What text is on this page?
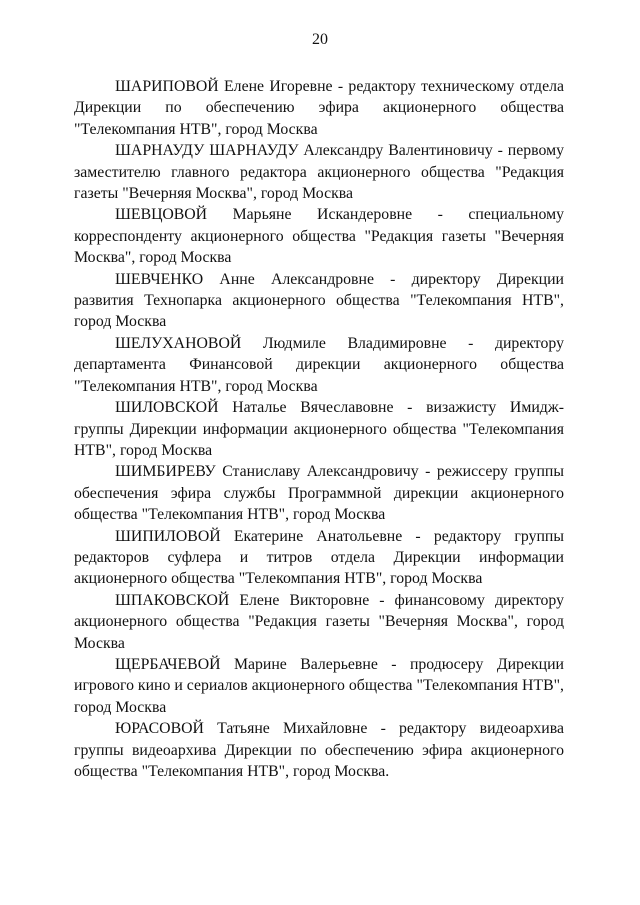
20

ШАРИПОВОЙ Елене Игоревне - редактору техническому отдела Дирекции по обеспечению эфира акционерного общества "Телекомпания НТВ", город Москва

ШАРНАУДУ ШАРНАУДУ Александру Валентиновичу - первому заместителю главного редактора акционерного общества "Редакция газеты "Вечерняя Москва", город Москва

ШЕВЦОВОЙ Марьяне Искандеровне - специальному корреспонденту акционерного общества "Редакция газеты "Вечерняя Москва", город Москва

ШЕВЧЕНКО Анне Александровне - директору Дирекции развития Технопарка акционерного общества "Телекомпания НТВ", город Москва

ШЕЛУХАНОВОЙ Людмиле Владимировне - директору департамента Финансовой дирекции акционерного общества "Телекомпания НТВ", город Москва

ШИЛОВСКОЙ Наталье Вячеславовне - визажисту Имидж-группы Дирекции информации акционерного общества "Телекомпания НТВ", город Москва

ШИМБИРЕВУ Станиславу Александровичу - режиссеру группы обеспечения эфира службы Программной дирекции акционерного общества "Телекомпания НТВ", город Москва

ШИПИЛОВОЙ Екатерине Анатольевне - редактору группы редакторов суфлера и титров отдела Дирекции информации акционерного общества "Телекомпания НТВ", город Москва

ШПАКОВСКОЙ Елене Викторовне - финансовому директору акционерного общества "Редакция газеты "Вечерняя Москва", город Москва

ЩЕРБАЧЕВОЙ Марине Валерьевне - продюсеру Дирекции игрового кино и сериалов акционерного общества "Телекомпания НТВ", город Москва

ЮРАСОВОЙ Татьяне Михайловне - редактору видеоархива группы видеоархива Дирекции по обеспечению эфира акционерного общества "Телекомпания НТВ", город Москва.
